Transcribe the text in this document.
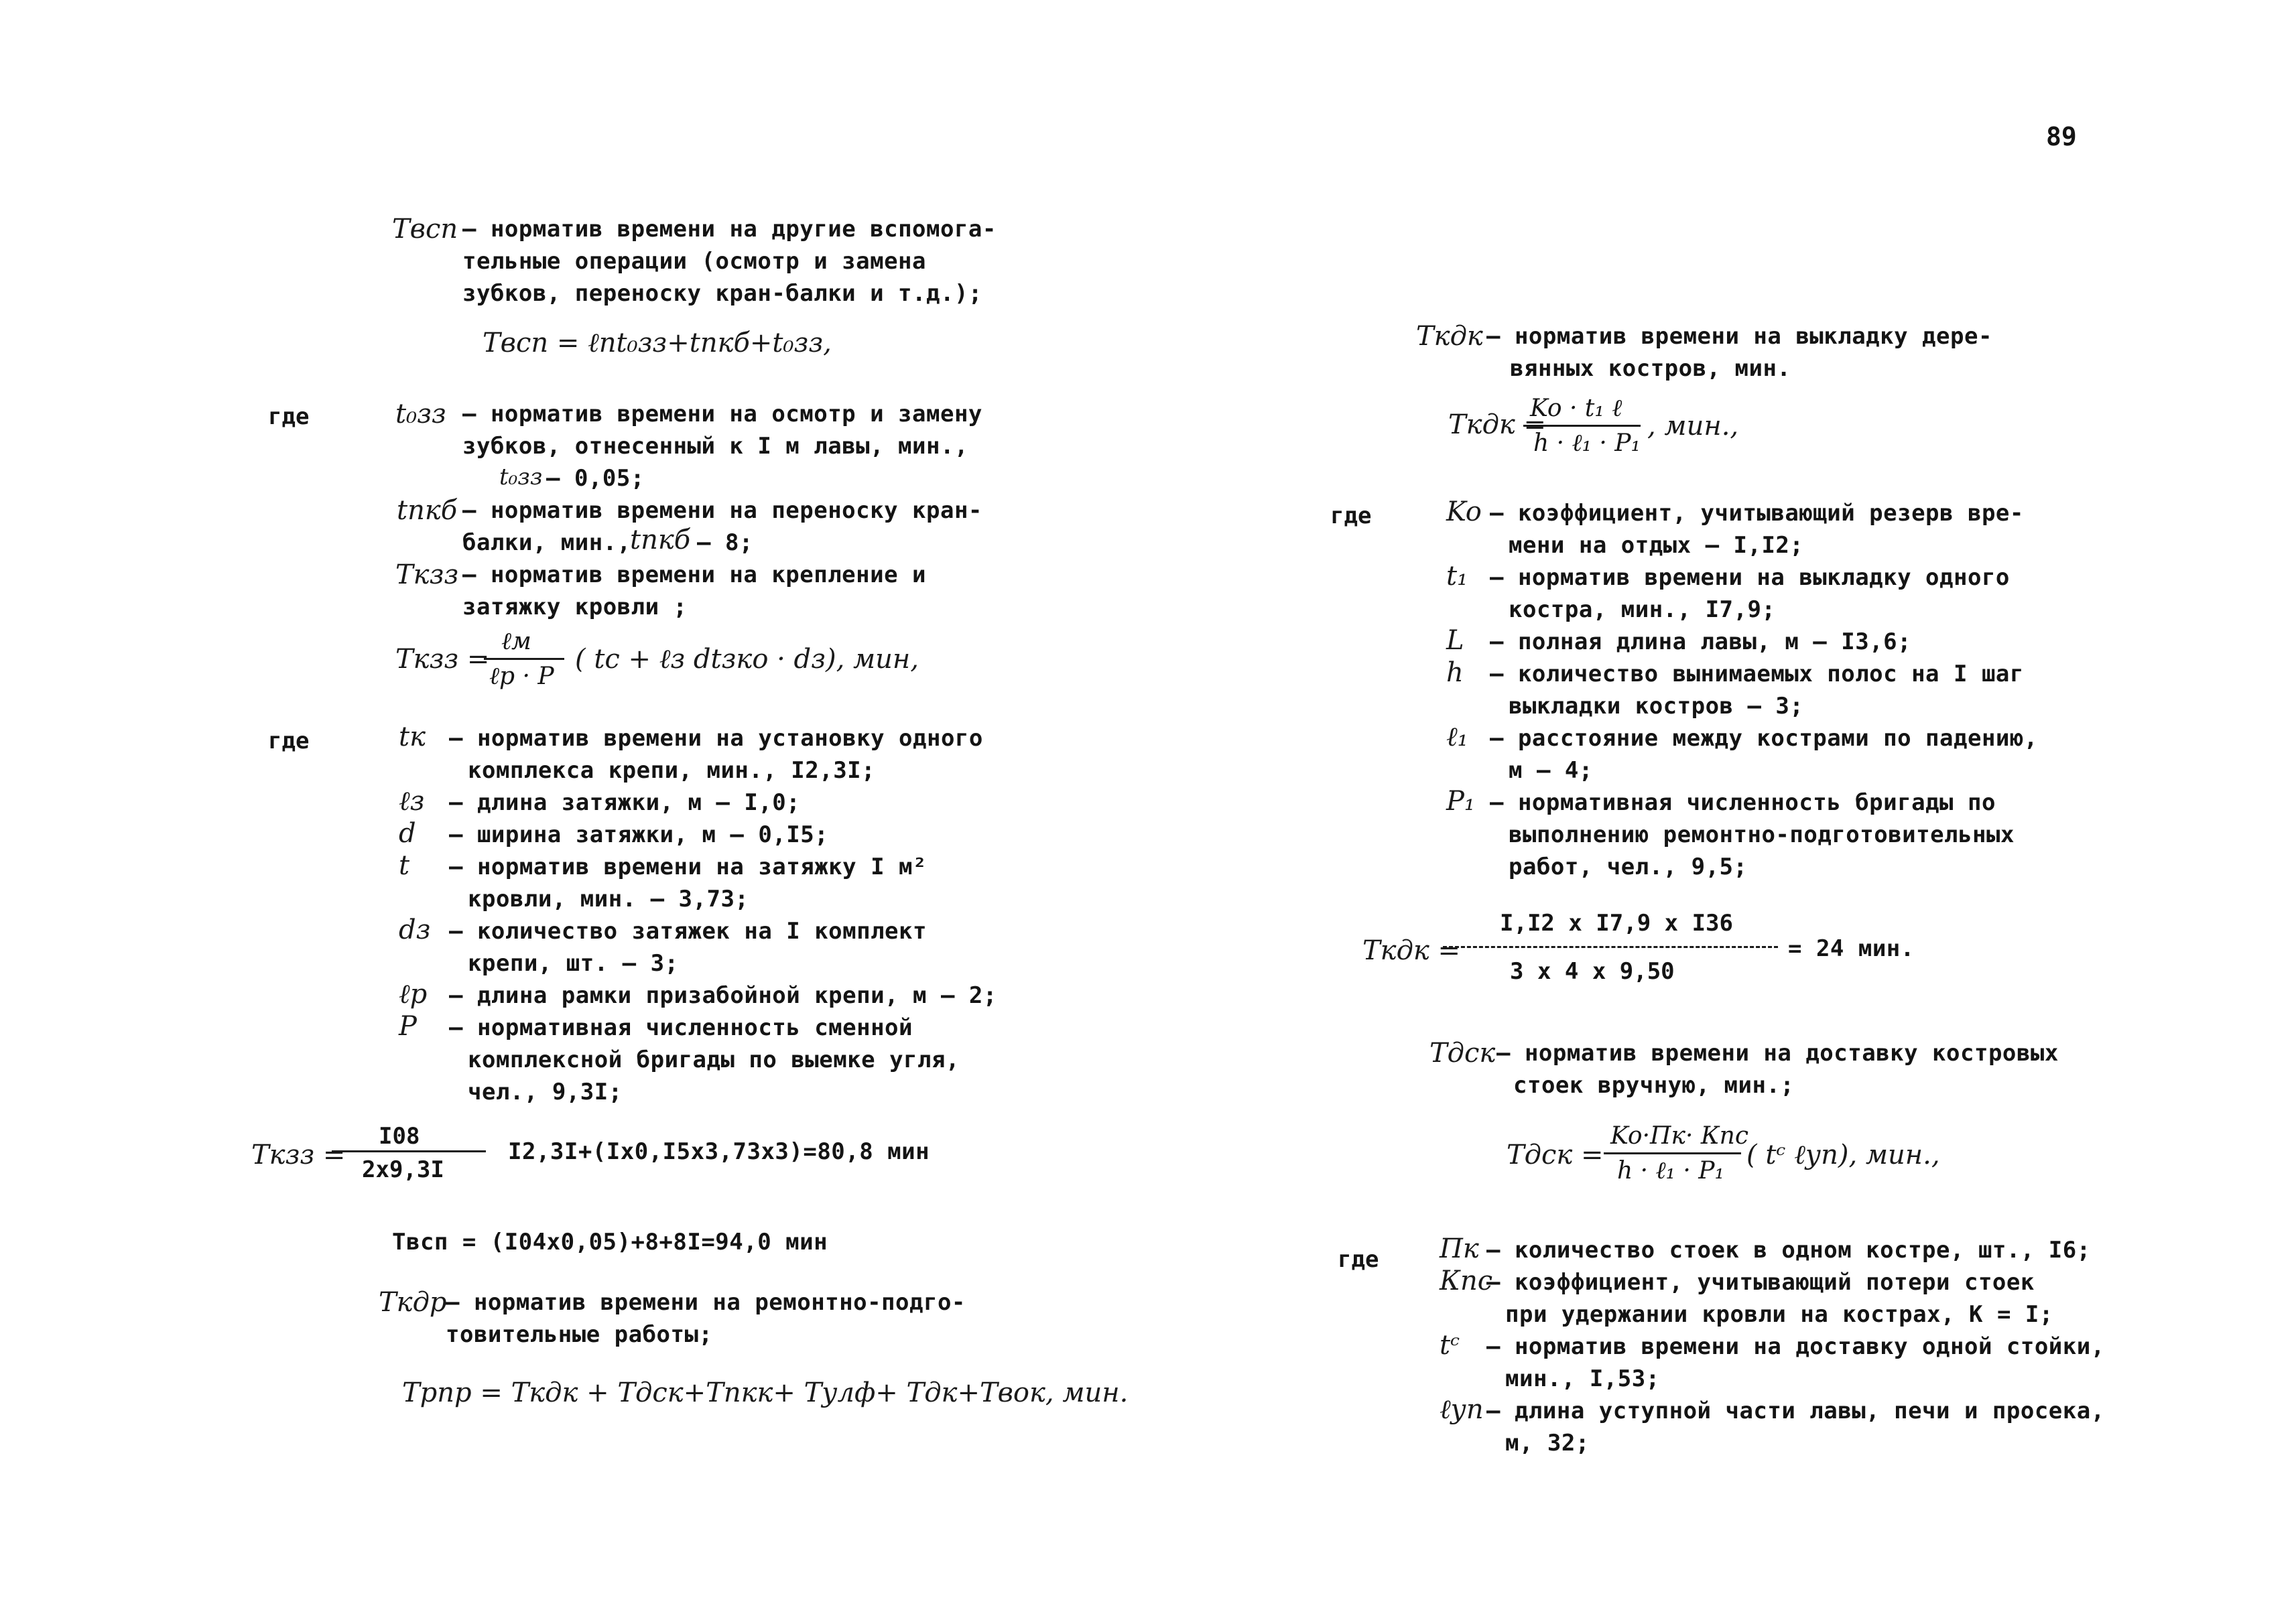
Tвсп – норматив времени на другие вспомога-
тельные операции (осмотр и замена
зубков, переноску кран-балки и т.д.);
Tвсп = ℓnt₀зз+tпкб+t₀зз,
где	t₀зз – норматив времени на осмотр и замену
зубков, отнесенный к I м лавы, мин.,
t₀зз – 0,05;
tпкб – норматив времени на переноску кран-
балки, мин.,
tпкб – 8;
Tкзз – норматив времени на крепление и
затяжку кровли ;
Tкзз =
ℓм
ℓр · P
( tc + ℓз dtзко · dз), мин,
где	tк – норматив времени на установку одного
комплекса крепи, мин., I2,3I;
ℓз – длина затяжки, м – I,0;
d – ширина затяжки, м – 0,I5;
t – норматив времени на затяжку I м²
кровли, мин. – 3,73;
dз – количество затяжек на I комплект
крепи, шт. – 3;
ℓр – длина рамки призабойной крепи, м – 2;
P – нормативная численность сменной
комплексной бригады по выемке угля,
чел., 9,3I;
Tкзз =
I08
2x9,3I
I2,3I+(Ix0,I5x3,73x3)=80,8 мин
Tвсп = (I04x0,05)+8+8I=94,0 мин
Tкдр
– норматив времени на ремонтно-подго-
товительные работы;
Tрпр = Tкдк + Tдск+Tпкк+ Tулф+ Tдк+Tвок, мин.
89
Tкдк – норматив времени на выкладку дере-
вянных костров, мин.
Tкдк =
Ko · t₁ ℓ
h · ℓ₁ · P₁
, мин.,
где	Ko – коэффициент, учитывающий резерв вре-
мени на отдых – I,I2;
t₁ – норматив времени на выкладку одного
костра, мин., I7,9;
L – полная длина лавы, м – I3,6;
h – количество вынимаемых полос на I шаг
выкладки костров – 3;
ℓ₁ – расстояние между кострами по падению,
м – 4;
P₁ – нормативная численность бригады по
выполнению ремонтно-подготовительных
работ, чел., 9,5;
Tкдк =
I,I2 x I7,9 x I36
3 x 4 x 9,50
= 24 мин.
Tдск – норматив времени на доставку костровых
стоек вручную, мин.;
Tдск =
Ko·Пк· Кпс
h · ℓ₁ · P₁
( tᶜ ℓуп), мин.,
где Пк – количество стоек в одном костре, шт., I6;
Кпс
– коэффициент, учитывающий потери стоек
при удержании кровли на кострах, K = I;
tᶜ – норматив времени на доставку одной стойки,
мин., I,53;
ℓуп – длина уступной части лавы, печи и просека,
м, 32;
